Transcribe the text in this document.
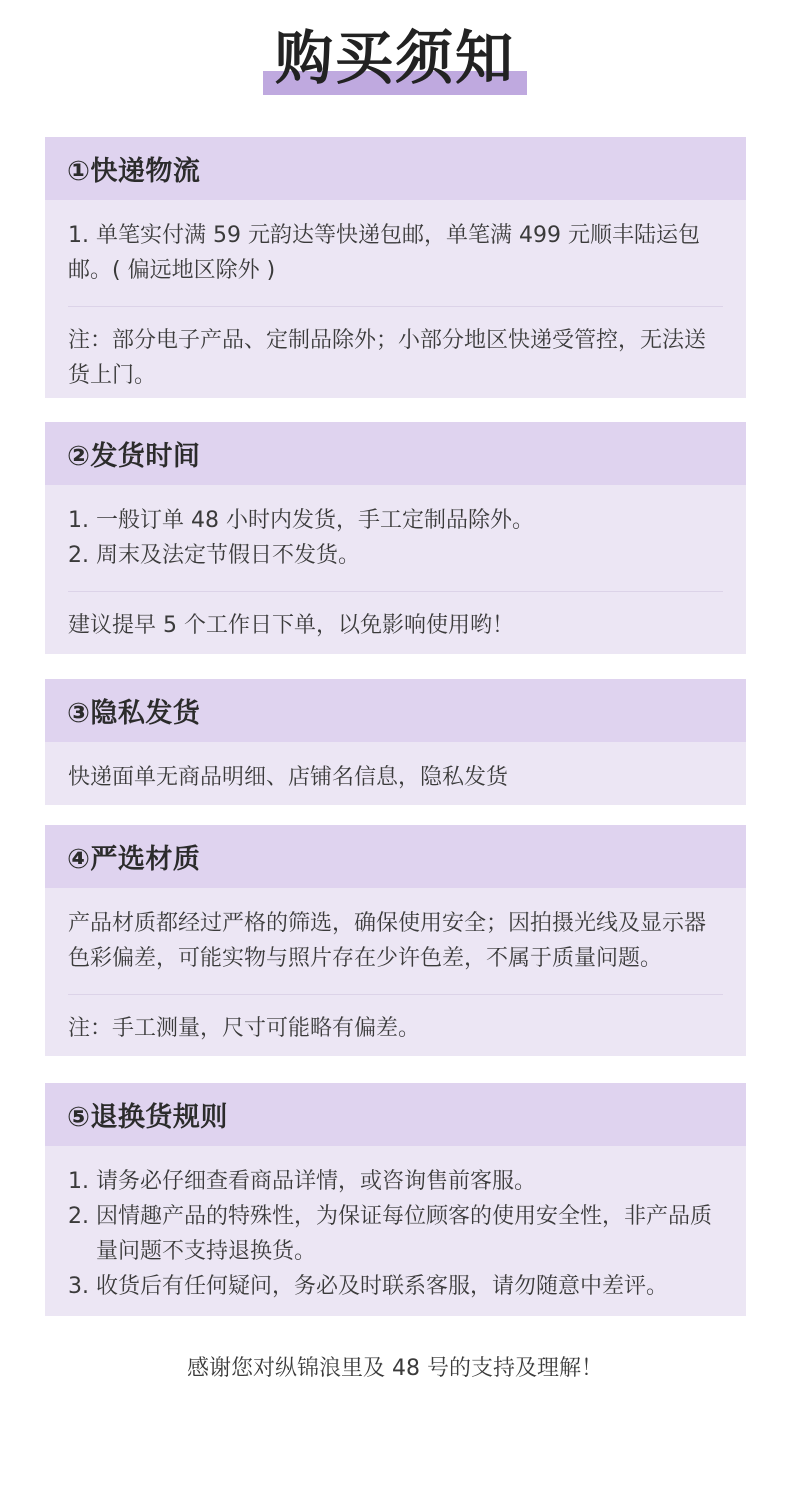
购买须知
①快递物流
1. 单笔实付满 59 元韵达等快递包邮，单笔满 499 元顺丰陆运包邮。( 偏远地区除外 )
注：部分电子产品、定制品除外；小部分地区快递受管控，无法送货上门。
②发货时间
1. 一般订单 48 小时内发货，手工定制品除外。
2. 周末及法定节假日不发货。
建议提早 5 个工作日下单，以免影响使用哟！
③隐私发货
快递面单无商品明细、店铺名信息，隐私发货
④严选材质
产品材质都经过严格的筛选，确保使用安全；因拍摄光线及显示器色彩偏差，可能实物与照片存在少许色差，不属于质量问题。
注：手工测量，尺寸可能略有偏差。
⑤退换货规则
1. 请务必仔细查看商品详情，或咨询售前客服。
2. 因情趣产品的特殊性，为保证每位顾客的使用安全性，非产品质量问题不支持退换货。
3. 收货后有任何疑问，务必及时联系客服，请勿随意中差评。
感谢您对纵锦浪里及 48 号的支持及理解！
